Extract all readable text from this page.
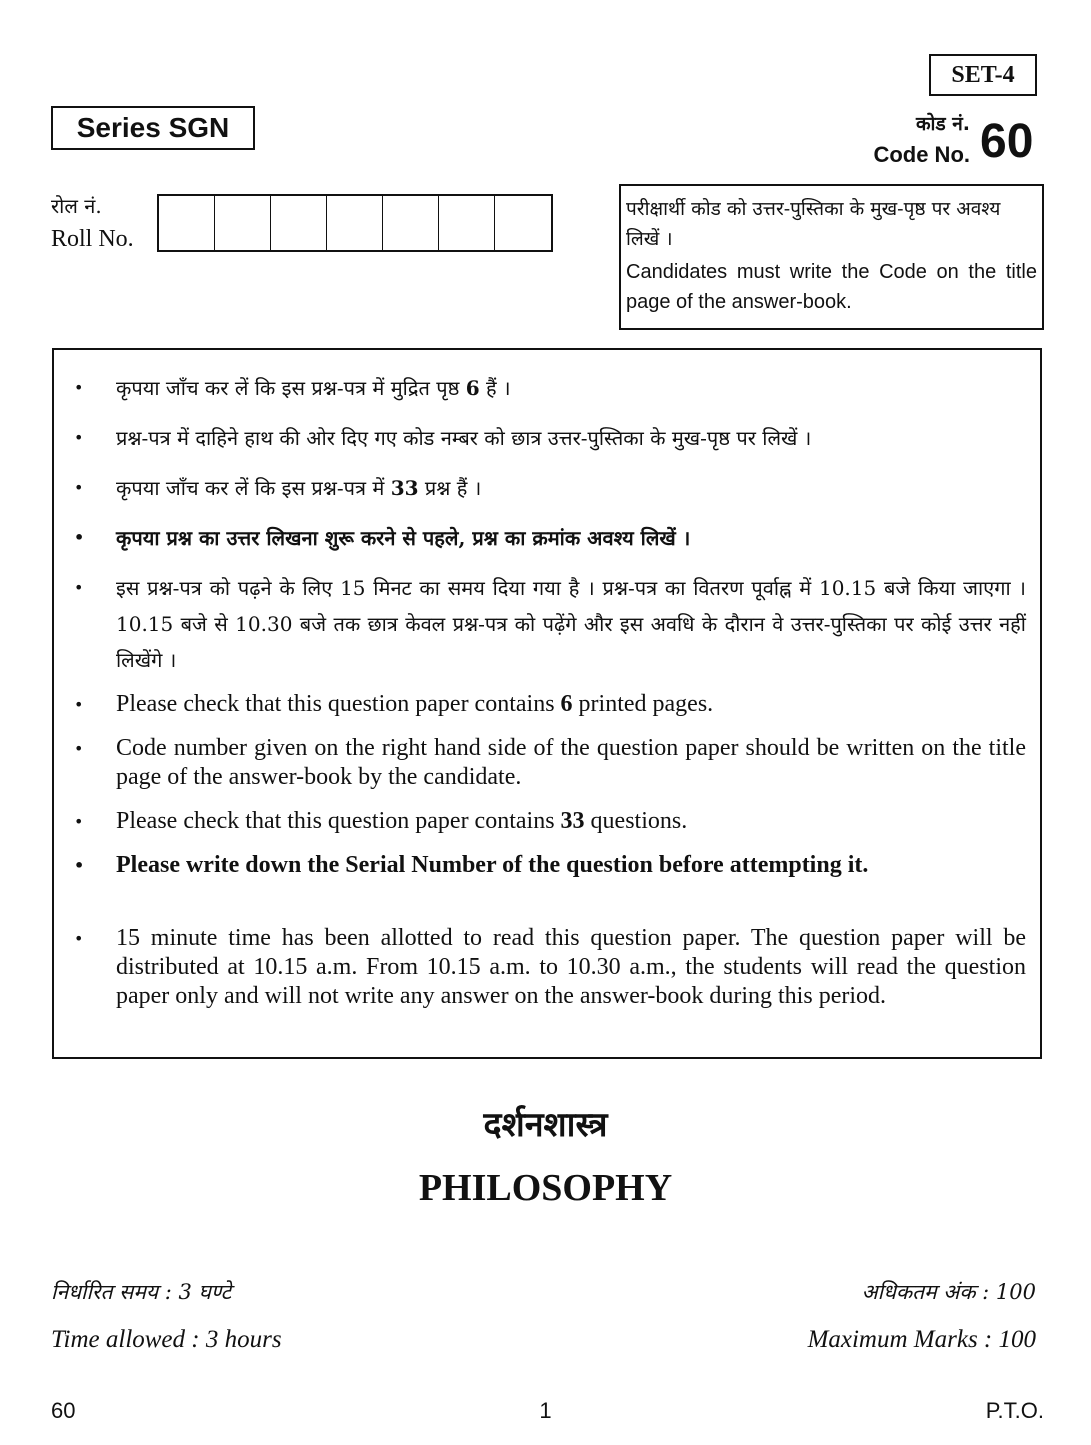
SET-4
Series SGN	कोड नं.
Code No. 60
रोल नं.
Roll No.
परीक्षार्थी कोड को उत्तर-पुस्तिका के मुख-पृष्ठ पर अवश्य लिखें ।
Candidates must write the Code on the title page of the answer-book.
• कृपया जाँच कर लें कि इस प्रश्न-पत्र में मुद्रित पृष्ठ 6 हैं ।
• प्रश्न-पत्र में दाहिने हाथ की ओर दिए गए कोड नम्बर को छात्र उत्तर-पुस्तिका के मुख-पृष्ठ पर लिखें ।
• कृपया जाँच कर लें कि इस प्रश्न-पत्र में 33 प्रश्न हैं ।
• कृपया प्रश्न का उत्तर लिखना शुरू करने से पहले, प्रश्न का क्रमांक अवश्य लिखें ।
• इस प्रश्न-पत्र को पढ़ने के लिए 15 मिनट का समय दिया गया है । प्रश्न-पत्र का वितरण पूर्वाह्न में 10.15 बजे किया जाएगा । 10.15 बजे से 10.30 बजे तक छात्र केवल प्रश्न-पत्र को पढ़ेंगे और इस अवधि के दौरान वे उत्तर-पुस्तिका पर कोई उत्तर नहीं लिखेंगे ।
• Please check that this question paper contains 6 printed pages.
• Code number given on the right hand side of the question paper should be written on the title page of the answer-book by the candidate.
• Please check that this question paper contains 33 questions.
• Please write down the Serial Number of the question before attempting it.
• 15 minute time has been allotted to read this question paper. The question paper will be distributed at 10.15 a.m. From 10.15 a.m. to 10.30 a.m., the students will read the question paper only and will not write any answer on the answer-book during this period.
दर्शनशास्त्र
PHILOSOPHY
निर्धारित समय : 3 घण्टे
Time allowed : 3 hours
अधिकतम अंक : 100
Maximum Marks : 100
60	1	P.T.O.
